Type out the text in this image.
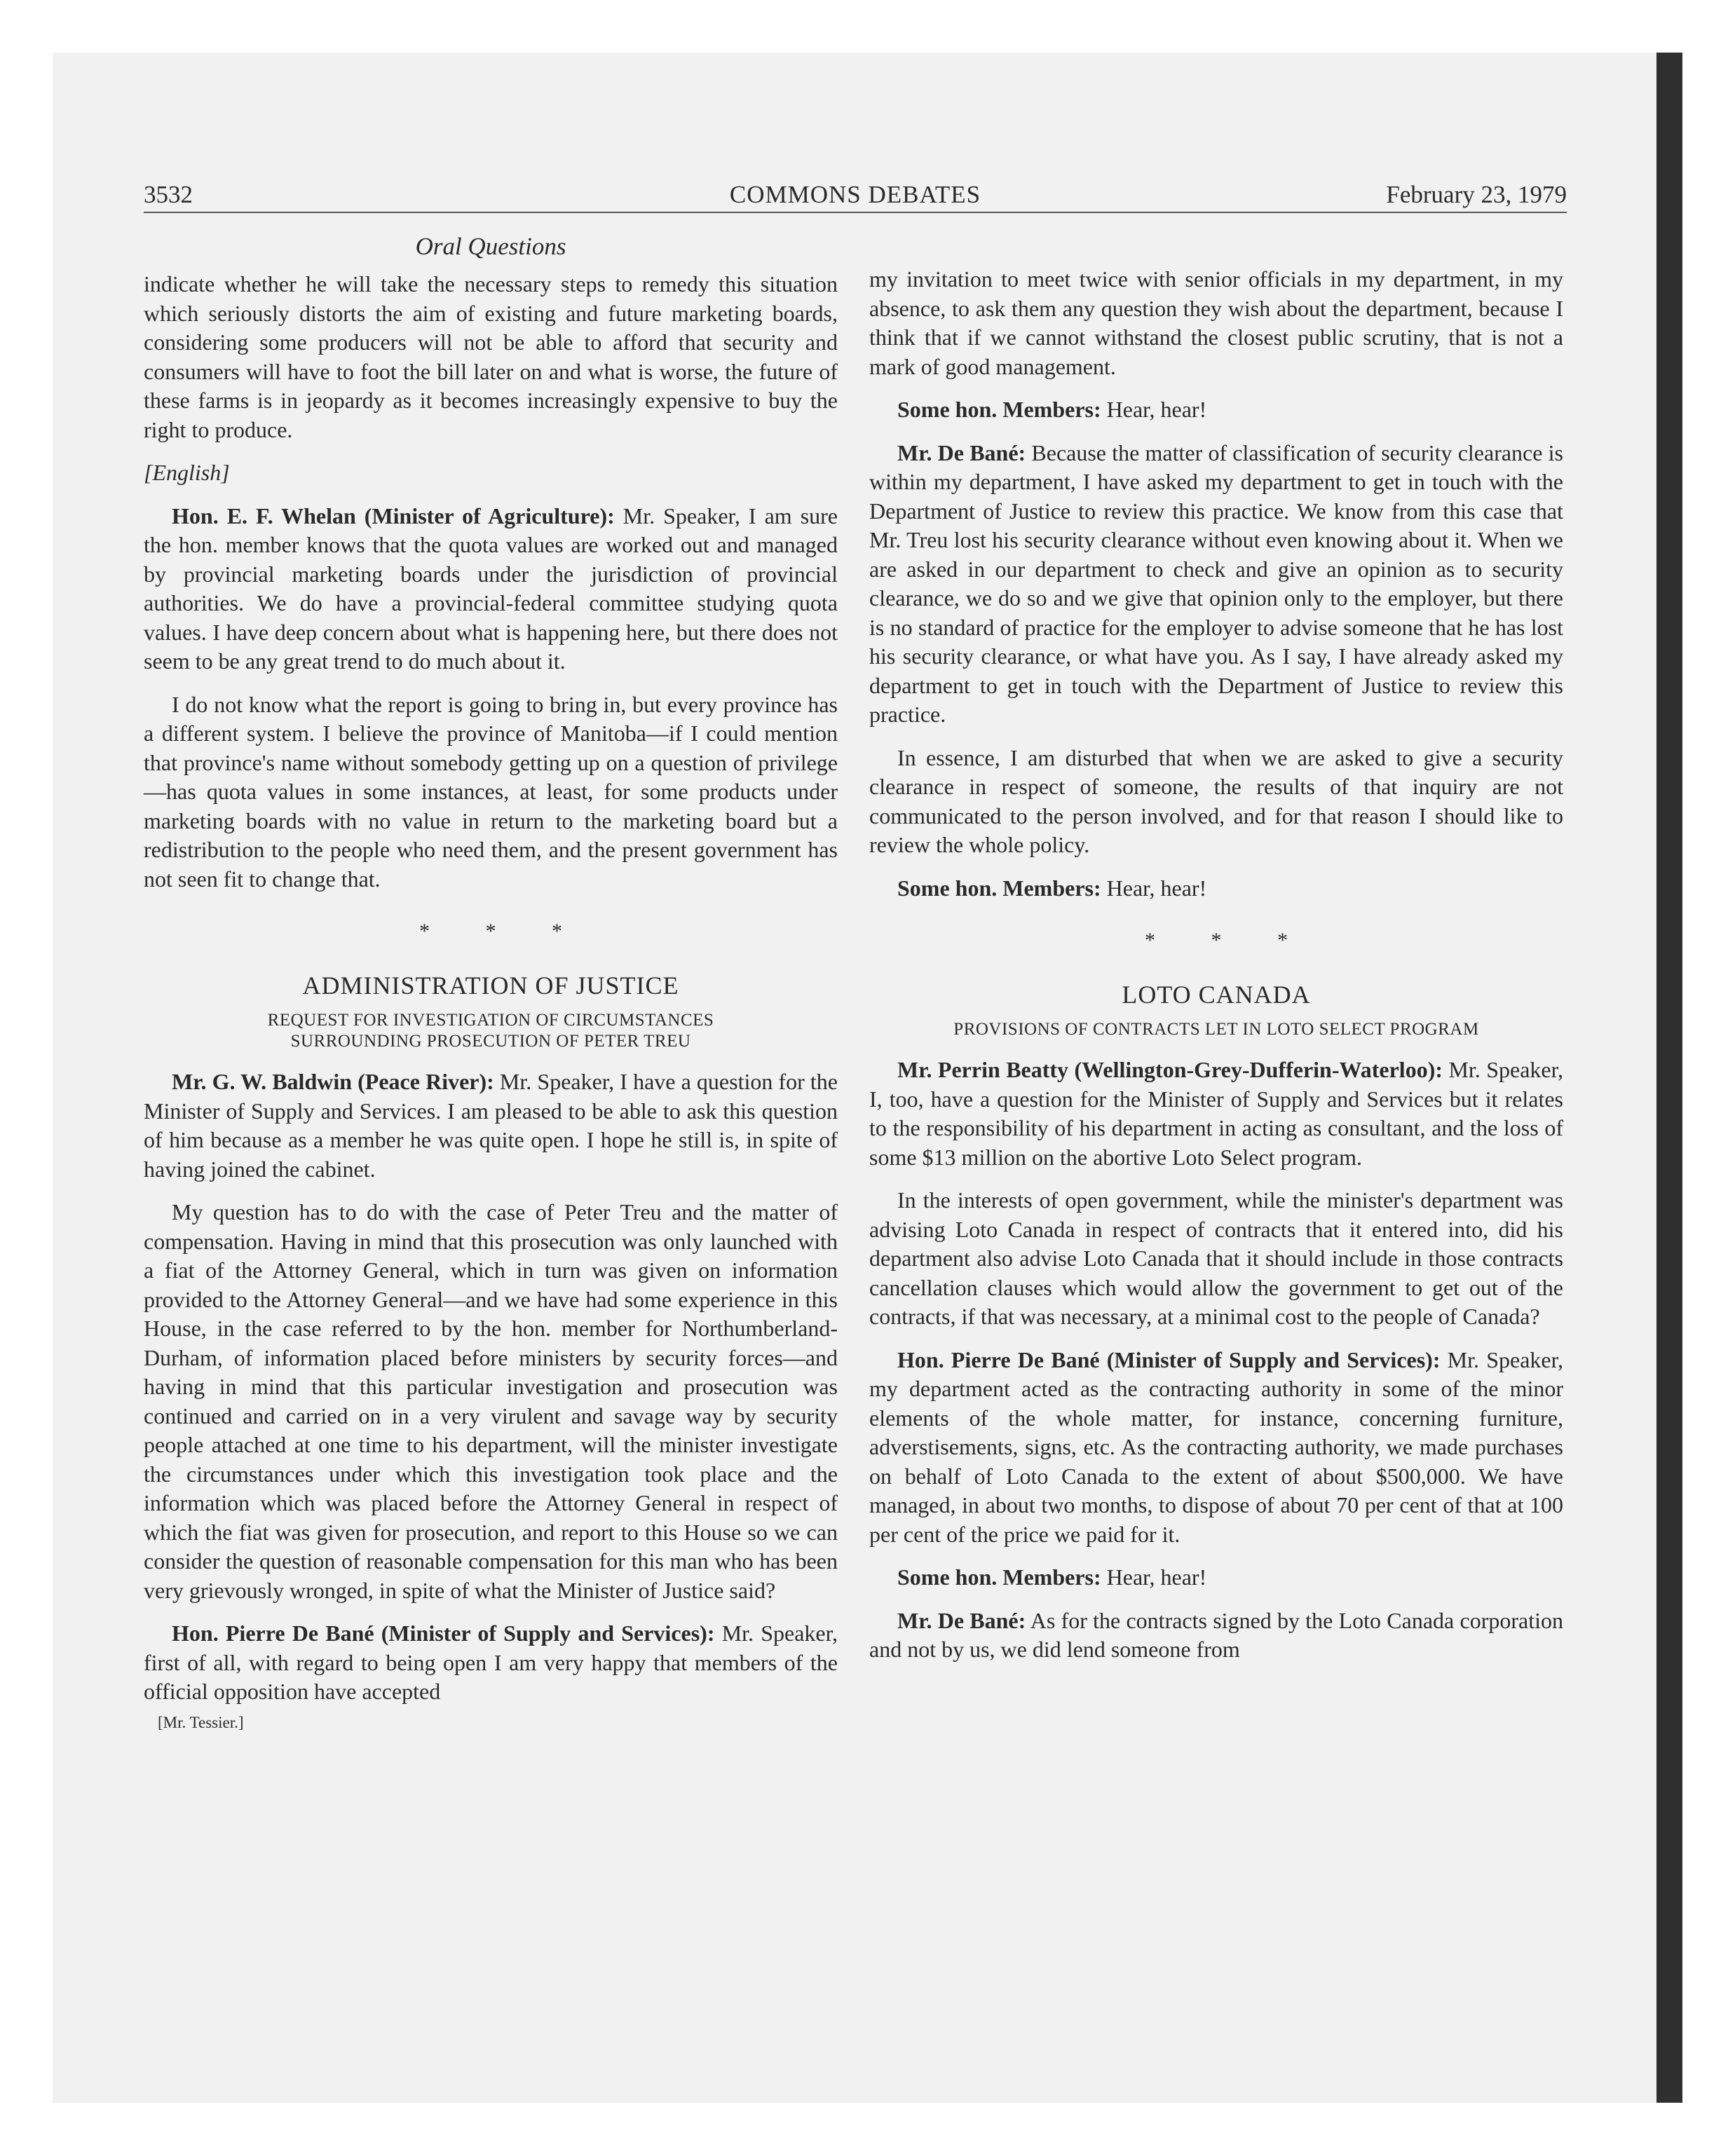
COMMONS DEBATES
3532	February 23, 1979
Oral Questions

indicate whether he will take the necessary steps to remedy this situation which seriously distorts the aim of existing and future marketing boards, considering some producers will not be able to afford that security and consumers will have to foot the bill later on and what is worse, the future of these farms is in jeopardy as it becomes increasingly expensive to buy the right to produce.

[English]

Hon. E. F. Whelan (Minister of Agriculture): Mr. Speaker, I am sure the hon. member knows that the quota values are worked out and managed by provincial marketing boards under the jurisdiction of provincial authorities. We do have a provincial-federal committee studying quota values. I have deep concern about what is happening here, but there does not seem to be any great trend to do much about it.

I do not know what the report is going to bring in, but every province has a different system. I believe the province of Manitoba—if I could mention that province's name without somebody getting up on a question of privilege—has quota values in some instances, at least, for some products under marketing boards with no value in return to the marketing board but a redistribution to the people who need them, and the present government has not seen fit to change that.

* * *
ADMINISTRATION OF JUSTICE
REQUEST FOR INVESTIGATION OF CIRCUMSTANCES
SURROUNDING PROSECUTION OF PETER TREU

Mr. G. W. Baldwin (Peace River): Mr. Speaker, I have a question for the Minister of Supply and Services. I am pleased to be able to ask this question of him because as a member he was quite open. I hope he still is, in spite of having joined the cabinet.

My question has to do with the case of Peter Treu and the matter of compensation. Having in mind that this prosecution was only launched with a fiat of the Attorney General, which in turn was given on information provided to the Attorney General—and we have had some experience in this House, in the case referred to by the hon. member for Northumberland-Durham, of information placed before ministers by security forces—and having in mind that this particular investigation and prosecution was continued and carried on in a very virulent and savage way by security people attached at one time to his department, will the minister investigate the circumstances under which this investigation took place and the information which was placed before the Attorney General in respect of which the fiat was given for prosecution, and report to this House so we can consider the question of reasonable compensation for this man who has been very grievously wronged, in spite of what the Minister of Justice said?

Hon. Pierre De Bané (Minister of Supply and Services): Mr. Speaker, first of all, with regard to being open I am very happy that members of the official opposition have accepted

[Mr. Tessier.]

my invitation to meet twice with senior officials in my department, in my absence, to ask them any question they wish about the department, because I think that if we cannot withstand the closest public scrutiny, that is not a mark of good management.

Some hon. Members: Hear, hear!

Mr. De Bané: Because the matter of classification of security clearance is within my department, I have asked my department to get in touch with the Department of Justice to review this practice. We know from this case that Mr. Treu lost his security clearance without even knowing about it. When we are asked in our department to check and give an opinion as to security clearance, we do so and we give that opinion only to the employer, but there is no standard of practice for the employer to advise someone that he has lost his security clearance, or what have you. As I say, I have already asked my department to get in touch with the Department of Justice to review this practice.

In essence, I am disturbed that when we are asked to give a security clearance in respect of someone, the results of that inquiry are not communicated to the person involved, and for that reason I should like to review the whole policy.

Some hon. Members: Hear, hear!

* * *
LOTO CANADA
PROVISIONS OF CONTRACTS LET IN LOTO SELECT PROGRAM

Mr. Perrin Beatty (Wellington-Grey-Dufferin-Waterloo): Mr. Speaker, I, too, have a question for the Minister of Supply and Services but it relates to the responsibility of his department in acting as consultant, and the loss of some $13 million on the abortive Loto Select program.

In the interests of open government, while the minister's department was advising Loto Canada in respect of contracts that it entered into, did his department also advise Loto Canada that it should include in those contracts cancellation clauses which would allow the government to get out of the contracts, if that was necessary, at a minimal cost to the people of Canada?

Hon. Pierre De Bané (Minister of Supply and Services): Mr. Speaker, my department acted as the contracting authority in some of the minor elements of the whole matter, for instance, concerning furniture, adverstisements, signs, etc. As the contracting authority, we made purchases on behalf of Loto Canada to the extent of about $500,000. We have managed, in about two months, to dispose of about 70 per cent of that at 100 per cent of the price we paid for it.

Some hon. Members: Hear, hear!

Mr. De Bané: As for the contracts signed by the Loto Canada corporation and not by us, we did lend someone from
